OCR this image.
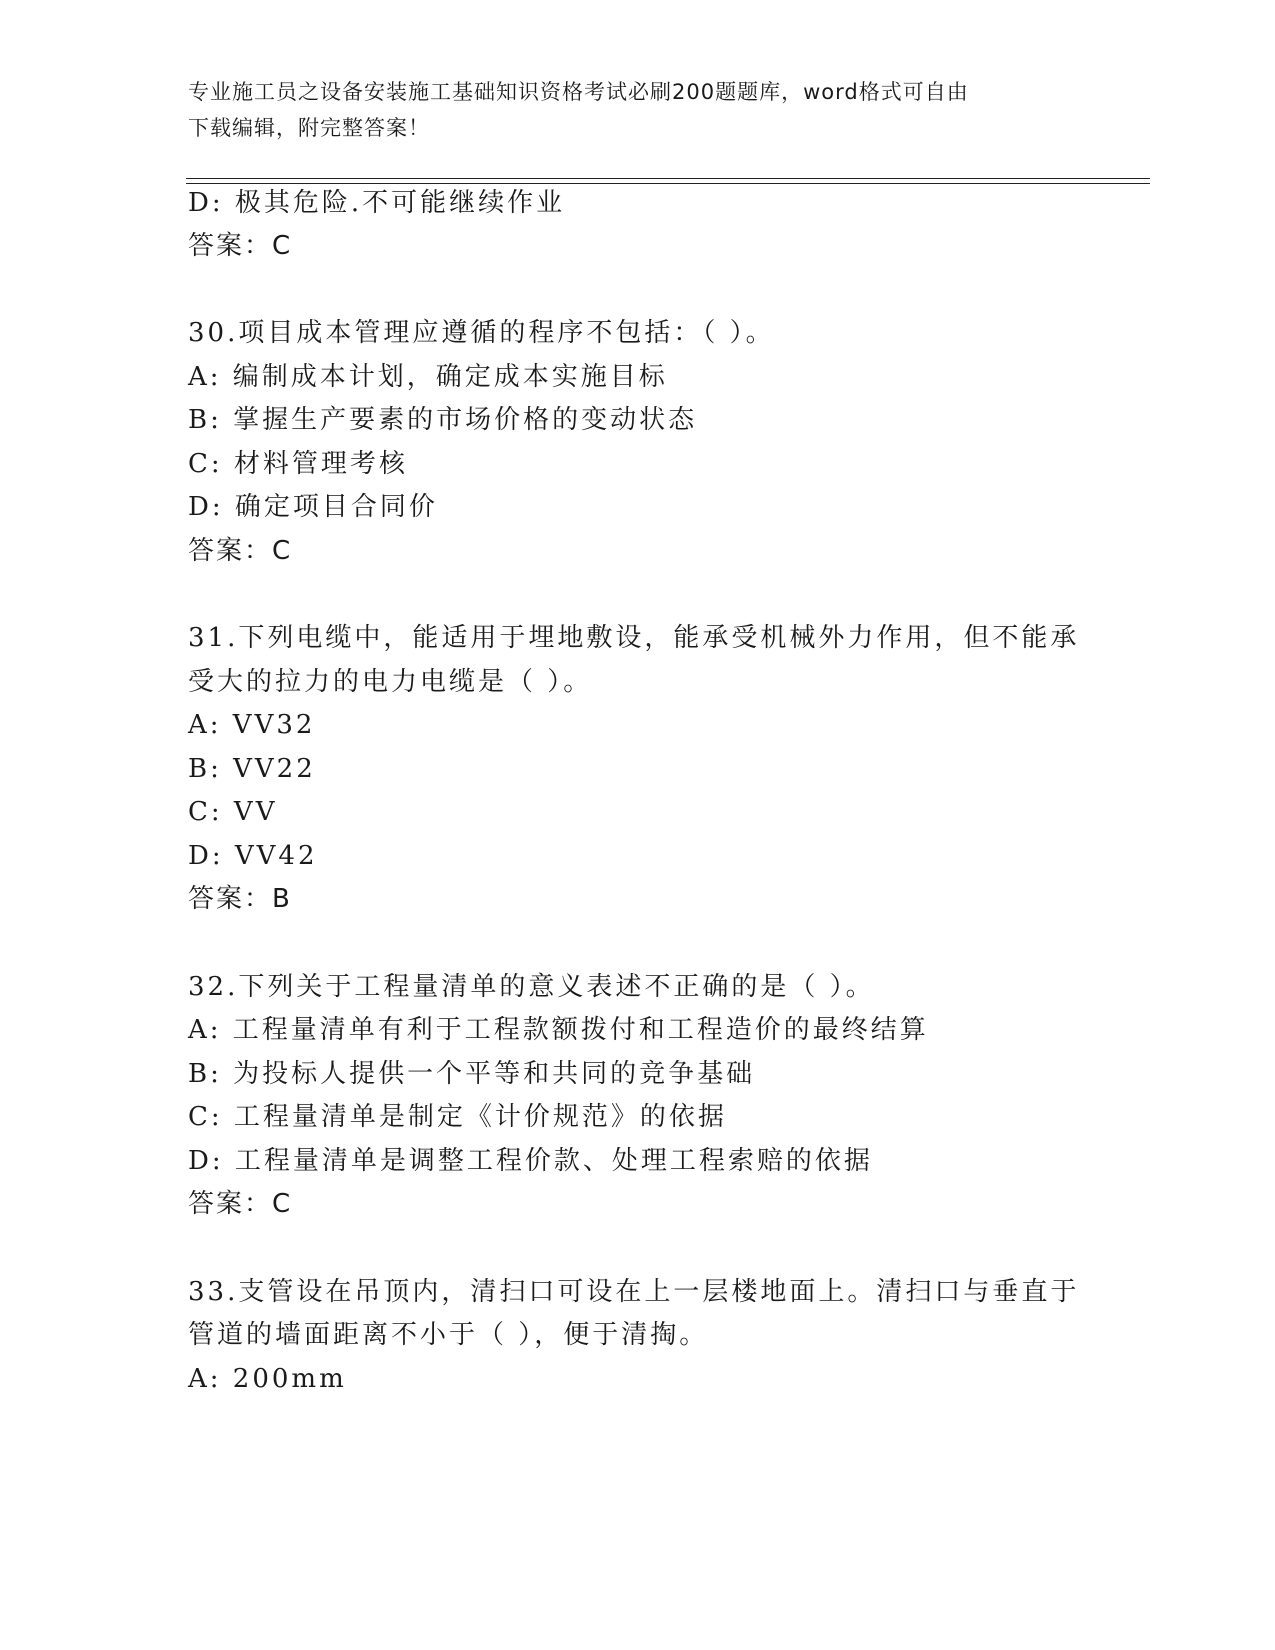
专业施工员之设备安装施工基础知识资格考试必刷200题题库，word格式可自由
下载编辑，附完整答案！
D: 极其危险.不可能继续作业
答案：C
30.项目成本管理应遵循的程序不包括：（ ）。
A: 编制成本计划，确定成本实施目标
B: 掌握生产要素的市场价格的变动状态
C: 材料管理考核
D: 确定项目合同价
答案：C
31.下列电缆中，能适用于埋地敷设，能承受机械外力作用，但不能承
受大的拉力的电力电缆是（ ）。
A: VV32
B: VV22
C: VV
D: VV42
答案：B
32.下列关于工程量清单的意义表述不正确的是（ ）。
A: 工程量清单有利于工程款额拨付和工程造价的最终结算
B: 为投标人提供一个平等和共同的竞争基础
C: 工程量清单是制定《计价规范》的依据
D: 工程量清单是调整工程价款、处理工程索赔的依据
答案：C
33.支管设在吊顶内，清扫口可设在上一层楼地面上。清扫口与垂直于
管道的墙面距离不小于（ ），便于清掏。
A: 200mm
